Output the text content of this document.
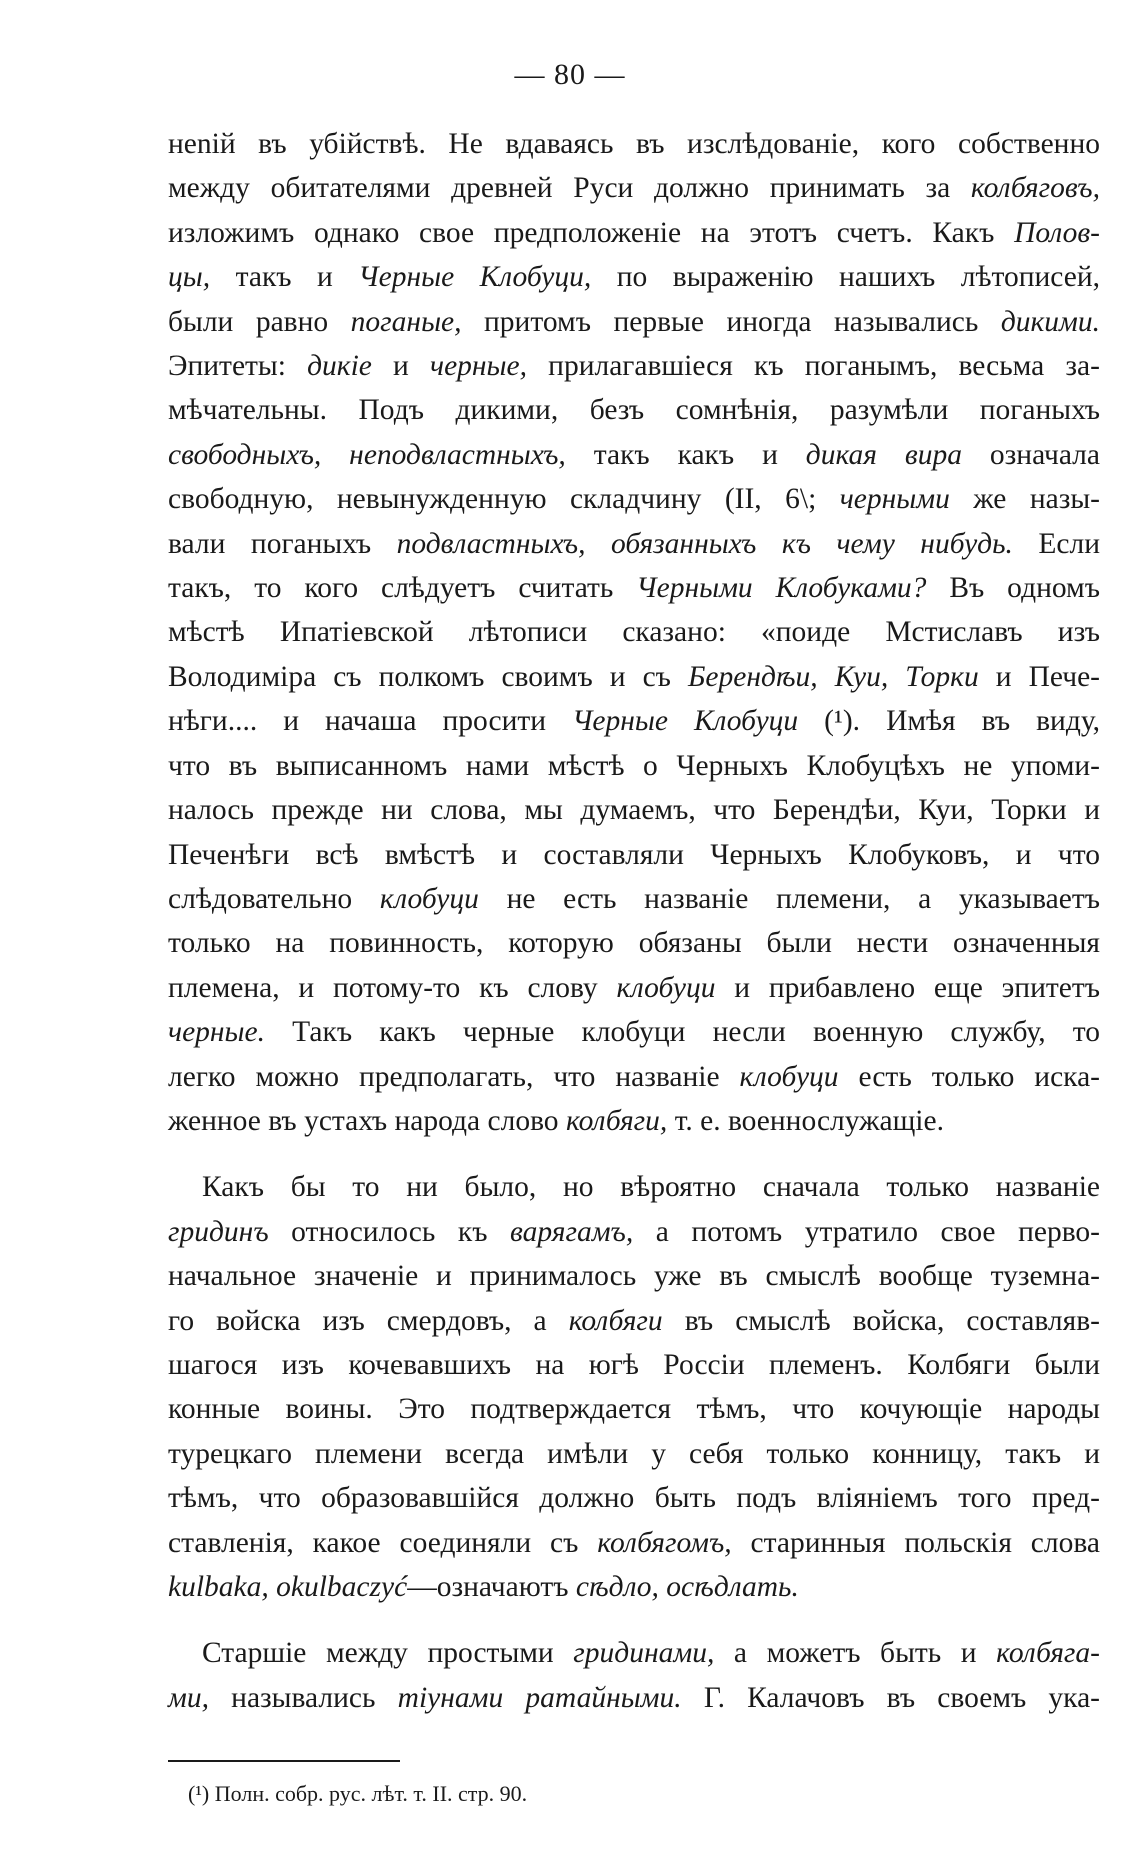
— 80 —
нeniй въ убiйствѣ. Не вдаваясь въ изслѣдованiе, кого собственно
между обитателями древней Руси должно принимать за колбяговъ,
изложимъ однако свое предположенiе на этотъ счетъ. Какъ Полов-
цы, такъ и Черные Клобуци, по выраженiю нашихъ лѣтописей,
были равно поганые, притомъ первые иногда назывались дикими.
Эпитеты: дикiе и черные, прилагавшiеся къ поганымъ, весьма за-
мѣчательны. Подъ дикими, безъ сомнѣнiя, разумѣли поганыхъ
свободныхъ, неподвластныхъ, такъ какъ и дикая вира означала
свободную, невынужденную складчину (II, 6\; черными же назы-
вали поганыхъ подвластныхъ, обязанныхъ къ чему нибудь. Если
такъ, то кого слѣдуетъ считать Черными Клобуками? Въ одномъ
мѣстѣ Ипатiевской лѣтописи сказано: «поиде Мстиславъ изъ
Володимiра съ полкомъ своимъ и съ Берендѣи, Куи, Торки и Пече-
нѣги.... и начаша просити Черные Клобуци (¹). Имѣя въ виду,
что въ выписанномъ нами мѣстѣ о Черныхъ Клобуцѣхъ не упоми-
налось прежде ни слова, мы думаемъ, что Берендѣи, Куи, Торки и
Печенѣги всѣ вмѣстѣ и составляли Черныхъ Клобуковъ, и что
слѣдовательно клобуци не есть названiе племени, а указываетъ
только на повинность, которую обязаны были нести означенныя
племена, и потому-то къ слову клобуци и прибавлено еще эпитетъ
черные. Такъ какъ черные клобуци несли военную службу, то
легко можно предполагать, что названiе клобуци есть только иска-
женное въ устахъ народа слово колбяги, т. е. военнослужащiе.
Какъ бы то ни было, но вѣроятно сначала только названiе
гридинъ относилось къ варягамъ, а потомъ утратило свое перво-
начальное значенiе и принималось уже въ смыслѣ вообще туземна-
го войска изъ смердовъ, а колбяги въ смыслѣ войска, составляв-
шагося изъ кочевавшихъ на югѣ Россiи племенъ. Колбяги были
конные воины. Это подтверждается тѣмъ, что кочующiе народы
турецкаго племени всегда имѣли у себя только конницу, такъ и
тѣмъ, что образовавшiйся должно быть подъ влiянiемъ того пред-
ставленiя, какое соединяли съ колбягомъ, старинныя польскiя слова
kulbaka, okulbaczyć—означаютъ сѣдло, осѣдлать.
Старшiе между простыми гридинами, а можетъ быть и колбяга-
ми, назывались тiунами ратайными. Г. Калачовъ въ своемъ ука-
(¹) Полн. собр. рус. лѣт. т. II. стр. 90.
